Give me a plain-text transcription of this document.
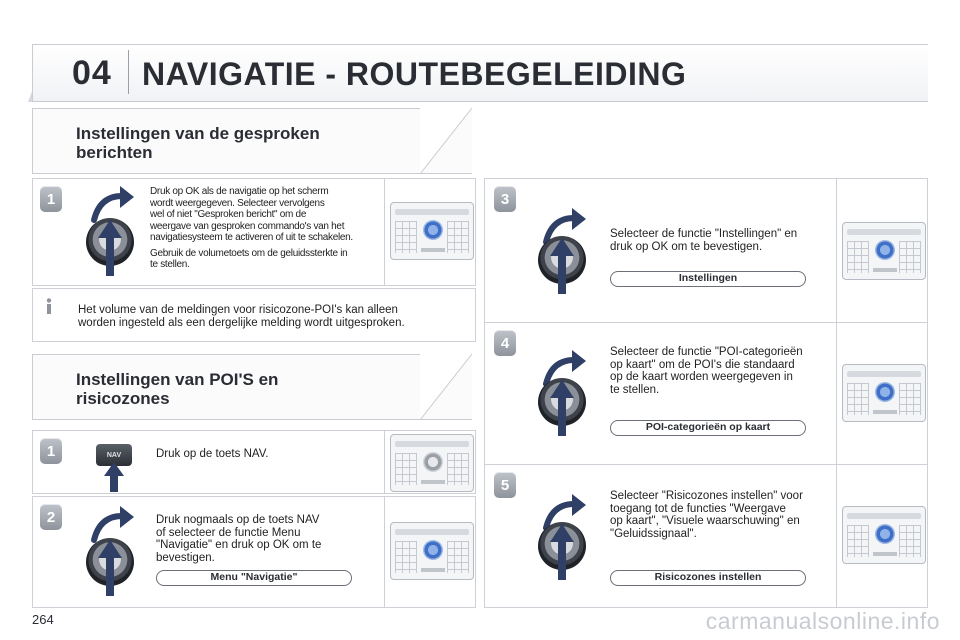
04 NAVIGATIE - ROUTEBEGELEIDING
Instellingen van de gesproken
berichten
1	Druk op OK als de navigatie op het scherm
wordt weergegeven. Selecteer vervolgens
wel of niet "Gesproken bericht" om de
weergave van gesproken commando's van het
navigatiesysteem te activeren of uit te schakelen.
Gebruik de volumetoets om de geluidssterkte in
te stellen.
Het volume van de meldingen voor risicozone-POI's kan alleen
worden ingesteld als een dergelijke melding wordt uitgesproken.
Instellingen van POI'S en
risicozones
1	NAV	Druk op de toets NAV.
2	Druk nogmaals op de toets NAV
of selecteer de functie Menu
"Navigatie" en druk op OK om te
bevestigen.
Menu "Navigatie"
3
Selecteer de functie "Instellingen" en
druk op OK om te bevestigen.
Instellingen
4
Selecteer de functie "POI-categorieën
op kaart" om de POI's die standaard
op de kaart worden weergegeven in
te stellen.
POI-categorieën op kaart
5
Selecteer "Risicozones instellen" voor
toegang tot de functies "Weergave
op kaart", "Visuele waarschuwing" en
"Geluidssignaal".
Risicozones instellen
264	carmanualsonline.info
